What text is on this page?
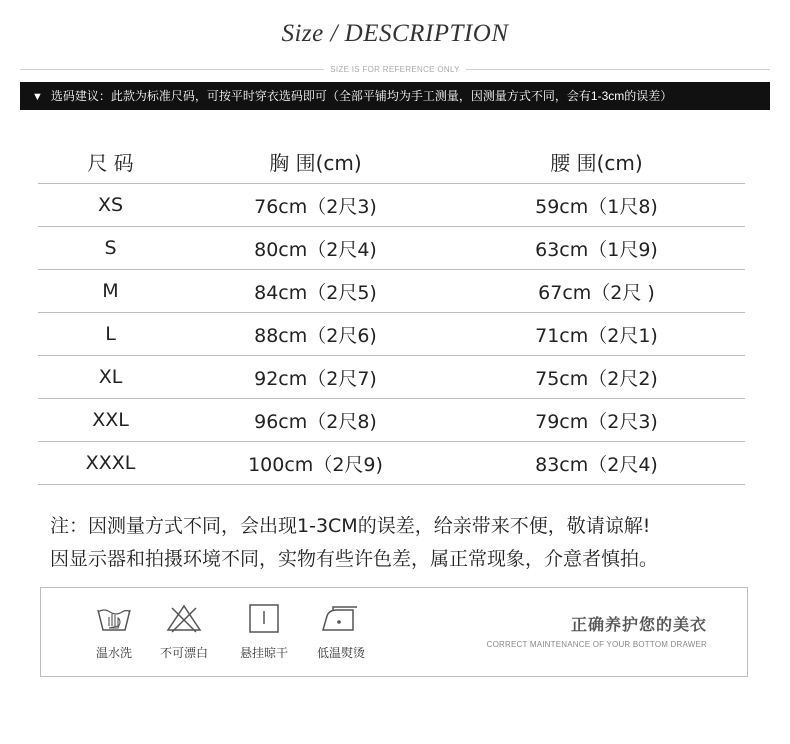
Size / DESCRIPTION
SIZE IS FOR REFERENCE ONLY
▼ 选码建议：此款为标准尺码，可按平时穿衣选码即可（全部平铺均为手工测量，因测量方式不同，会有1-3cm的误差）
尺 码	胸 围(cm)	腰 围(cm)
XS	76cm（2尺3)	59cm（1尺8)
S	80cm（2尺4)	63cm（1尺9)
M	84cm（2尺5)	67cm（2尺 )
L	88cm（2尺6)	71cm（2尺1)
XL	92cm（2尺7)	75cm（2尺2)
XXL	96cm（2尺8)	79cm（2尺3)
XXXL	100cm（2尺9)	83cm（2尺4)
注：因测量方式不同，会出现1-3CM的误差，给亲带来不便，敬请谅解!
因显示器和拍摄环境不同，实物有些许色差，属正常现象，介意者慎拍。
温水洗	不可漂白	悬挂晾干	低温熨烫
正确养护您的美衣
CORRECT MAINTENANCE OF YOUR BOTTOM DRAWER
